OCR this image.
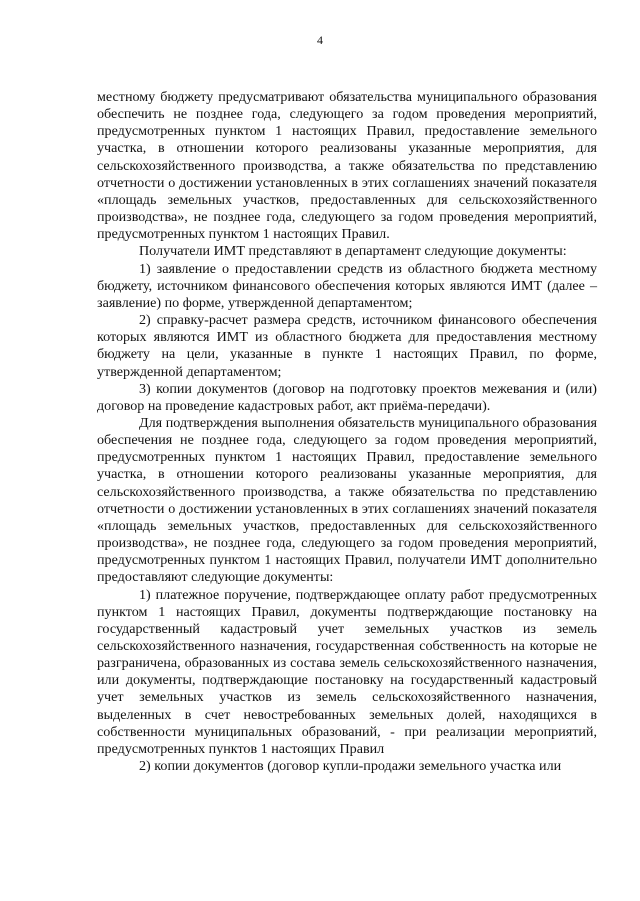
4

местному бюджету предусматривают обязательства муниципального образования обеспечить не позднее года, следующего за годом проведения мероприятий, предусмотренных пунктом 1 настоящих Правил, предоставление земельного участка, в отношении которого реализованы указанные мероприятия, для сельскохозяйственного производства, а также обязательства по представлению отчетности о достижении установленных в этих соглашениях значений показателя «площадь земельных участков, предоставленных для сельскохозяйственного производства», не позднее года, следующего за годом проведения мероприятий, предусмотренных пунктом 1 настоящих Правил.

Получатели ИМТ представляют в департамент следующие документы:

1) заявление о предоставлении средств из областного бюджета местному бюджету, источником финансового обеспечения которых являются ИМТ (далее – заявление) по форме, утвержденной департаментом;

2) справку-расчет размера средств, источником финансового обеспечения которых являются ИМТ из областного бюджета для предоставления местному бюджету на цели, указанные в пункте 1 настоящих Правил, по форме, утвержденной департаментом;

3) копии документов (договор на подготовку проектов межевания и (или) договор на проведение кадастровых работ, акт приёма-передачи).

Для подтверждения выполнения обязательств муниципального образования обеспечения не позднее года, следующего за годом проведения мероприятий, предусмотренных пунктом 1 настоящих Правил, предоставление земельного участка, в отношении которого реализованы указанные мероприятия, для сельскохозяйственного производства, а также обязательства по представлению отчетности о достижении установленных в этих соглашениях значений показателя «площадь земельных участков, предоставленных для сельскохозяйственного производства», не позднее года, следующего за годом проведения мероприятий, предусмотренных пунктом 1 настоящих Правил, получатели ИМТ дополнительно предоставляют следующие документы:

1) платежное поручение, подтверждающее оплату работ предусмотренных пунктом 1 настоящих Правил, документы подтверждающие постановку на государственный кадастровый учет земельных участков из земель сельскохозяйственного назначения, государственная собственность на которые не разграничена, образованных из состава земель сельскохозяйственного назначения, или документы, подтверждающие постановку на государственный кадастровый учет земельных участков из земель сельскохозяйственного назначения, выделенных в счет невостребованных земельных долей, находящихся в собственности муниципальных образований, - при реализации мероприятий, предусмотренных пунктов 1 настоящих Правил

2) копии документов (договор купли-продажи земельного участка или
